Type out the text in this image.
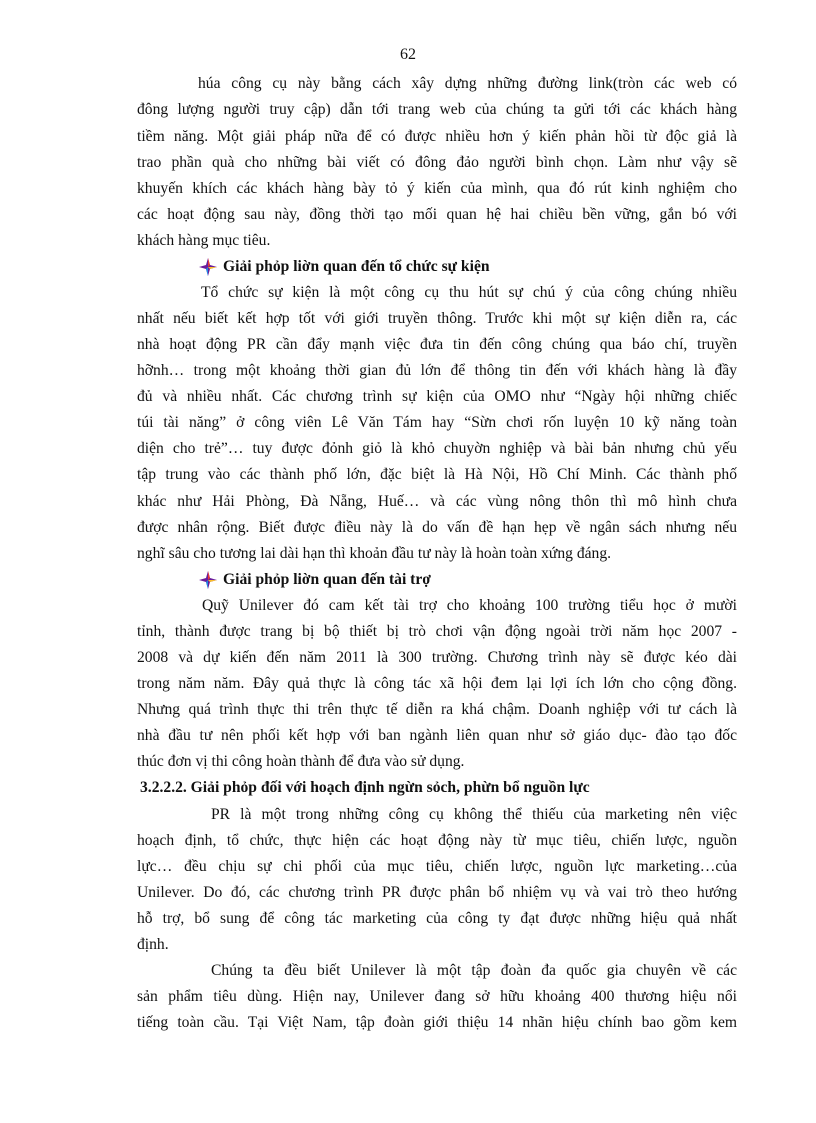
62
húa công cụ này bằng cách xây dựng những đường link(tròn các web có
đông lượng người truy cập) dẫn tới trang web của chúng ta gửi tới các khách hàng
tiềm năng. Một giải pháp nữa để có được nhiều hơn ý kiến phản hồi từ độc giả là
trao phần quà cho những bài viết có đông đảo người bình chọn. Làm như vậy sẽ
khuyến khích các khách hàng bày tỏ ý kiến của mình, qua đó rút kinh nghiệm cho
các hoạt động sau này, đồng thời tạo mối quan hệ hai chiều bền vững, gắn bó với
khách hàng mục tiêu.
Giải phỏp liờn quan đến tổ chức sự kiện
Tổ chức sự kiện là một công cụ thu hút sự chú ý của công chúng nhiều
nhất nếu biết kết hợp tốt với giới truyền thông. Trước khi một sự kiện diễn ra, các
nhà hoạt động PR cần đẩy mạnh việc đưa tin đến công chúng qua báo chí, truyền
hỡnh… trong một khoảng thời gian đủ lớn để thông tin đến với khách hàng là đầy
đủ và nhiều nhất. Các chương trình sự kiện của OMO như “Ngày hội những chiếc
túi tài năng” ở công viên Lê Văn Tám hay “Sừn chơi rốn luyện 10 kỹ năng toàn
diện cho trẻ”… tuy được đỏnh giỏ là khỏ chuyờn nghiệp và bài bản nhưng chủ yếu
tập trung vào các thành phố lớn, đặc biệt là Hà Nội, Hồ Chí Minh. Các thành phố
khác như Hải Phòng, Đà Nẵng, Huế… và các vùng nông thôn thì mô hình chưa
được nhân rộng. Biết được điều này là do vấn đề hạn hẹp về ngân sách nhưng nếu
nghĩ sâu cho tương lai dài hạn thì khoản đầu tư này là hoàn toàn xứng đáng.
Giải phỏp liờn quan đến tài trợ
Quỹ Unilever đó cam kết tài trợ cho khoảng 100 trường tiểu học ở mười
tỉnh, thành được trang bị bộ thiết bị trò chơi vận động ngoài trời năm học 2007 -
2008 và dự kiến đến năm 2011 là 300 trường. Chương trình này sẽ được kéo dài
trong năm năm. Đây quả thực là công tác xã hội đem lại lợi ích lớn cho cộng đồng.
Nhưng quá trình thực thi trên thực tế diễn ra khá chậm. Doanh nghiệp với tư cách là
nhà đầu tư nên phối kết hợp với ban ngành liên quan như sở giáo dục- đào tạo đốc
thúc đơn vị thi công hoàn thành để đưa vào sử dụng.
3.2.2.2. Giải phỏp đối với hoạch định ngừn sỏch, phừn bổ nguồn lực
PR là một trong những công cụ không thể thiếu của marketing nên việc
hoạch định, tổ chức, thực hiện các hoạt động này từ mục tiêu, chiến lược, nguồn
lực… đều chịu sự chi phối của mục tiêu, chiến lược, nguồn lực marketing…của
Unilever. Do đó, các chương trình PR được phân bổ nhiệm vụ và vai trò theo hướng
hỗ trợ, bổ sung để công tác marketing của công ty đạt được những hiệu quả nhất
định.
Chúng ta đều biết Unilever là một tập đoàn đa quốc gia chuyên về các
sản phẩm tiêu dùng. Hiện nay, Unilever đang sở hữu khoảng 400 thương hiệu nổi
tiếng toàn cầu. Tại Việt Nam, tập đoàn giới thiệu 14 nhãn hiệu chính bao gồm kem
